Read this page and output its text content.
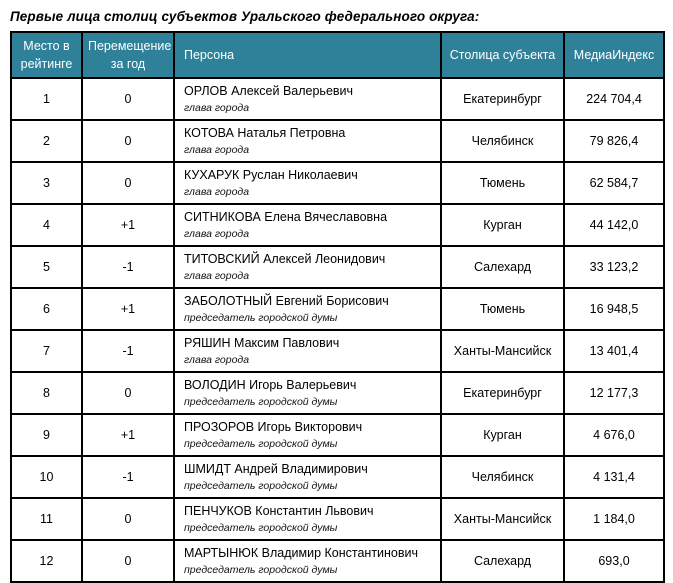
Первые лица столиц субъектов Уральского федерального округа:
Место в рейтинге	Перемещение за год	Персона	Столица субъекта	МедиаИндекс
1	0	ОРЛОВ Алексей Валерьевич
глава города	Екатеринбург	224 704,4
2	0	КОТОВА Наталья Петровна
глава города	Челябинск	79 826,4
3	0	КУХАРУК Руслан Николаевич
глава города	Тюмень	62 584,7
4	+1	СИТНИКОВА Елена Вячеславовна
глава города	Курган	44 142,0
5	-1	ТИТОВСКИЙ Алексей Леонидович
глава города	Салехард	33 123,2
6	+1	ЗАБОЛОТНЫЙ Евгений Борисович
председатель городской думы	Тюмень	16 948,5
7	-1	РЯШИН Максим Павлович
глава города	Ханты-Мансийск	13 401,4
8	0	ВОЛОДИН Игорь Валерьевич
председатель городской думы	Екатеринбург	12 177,3
9	+1	ПРОЗОРОВ Игорь Викторович
председатель городской думы	Курган	4 676,0
10	-1	ШМИДТ Андрей Владимирович
председатель городской думы	Челябинск	4 131,4
11	0	ПЕНЧУКОВ Константин Львович
председатель городской думы	Ханты-Мансийск	1 184,0
12	0	МАРТЫНЮК Владимир Константинович
председатель городской думы	Салехард	693,0
